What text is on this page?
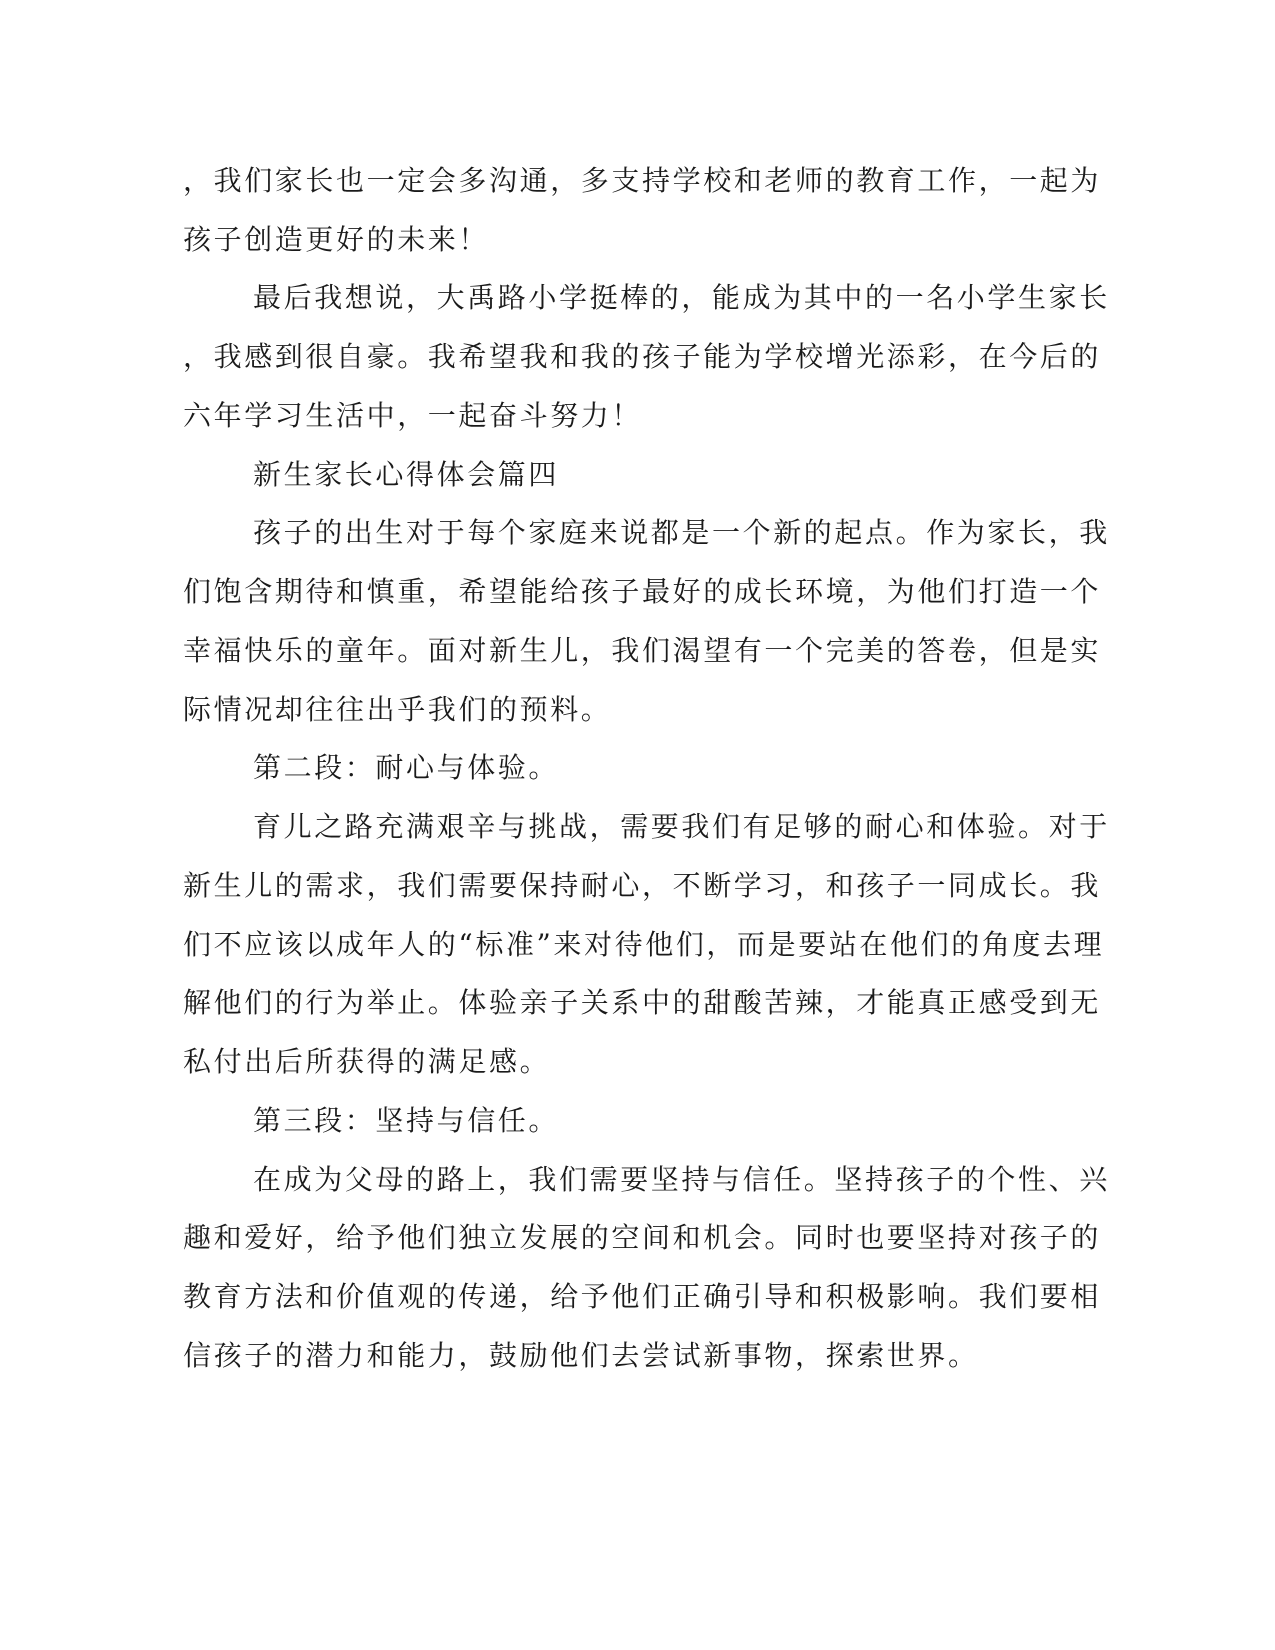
，我们家长也一定会多沟通，多支持学校和老师的教育工作，一起为
孩子创造更好的未来！
最后我想说，大禹路小学挺棒的，能成为其中的一名小学生家长
，我感到很自豪。我希望我和我的孩子能为学校增光添彩，在今后的
六年学习生活中，一起奋斗努力！
新生家长心得体会篇四
孩子的出生对于每个家庭来说都是一个新的起点。作为家长，我
们饱含期待和慎重，希望能给孩子最好的成长环境，为他们打造一个
幸福快乐的童年。面对新生儿，我们渴望有一个完美的答卷，但是实
际情况却往往出乎我们的预料。
第二段：耐心与体验。
育儿之路充满艰辛与挑战，需要我们有足够的耐心和体验。对于
新生儿的需求，我们需要保持耐心，不断学习，和孩子一同成长。我
们不应该以成年人的“标准”来对待他们，而是要站在他们的角度去理
解他们的行为举止。体验亲子关系中的甜酸苦辣，才能真正感受到无
私付出后所获得的满足感。
第三段：坚持与信任。
在成为父母的路上，我们需要坚持与信任。坚持孩子的个性、兴
趣和爱好，给予他们独立发展的空间和机会。同时也要坚持对孩子的
教育方法和价值观的传递，给予他们正确引导和积极影响。我们要相
信孩子的潜力和能力，鼓励他们去尝试新事物，探索世界。
